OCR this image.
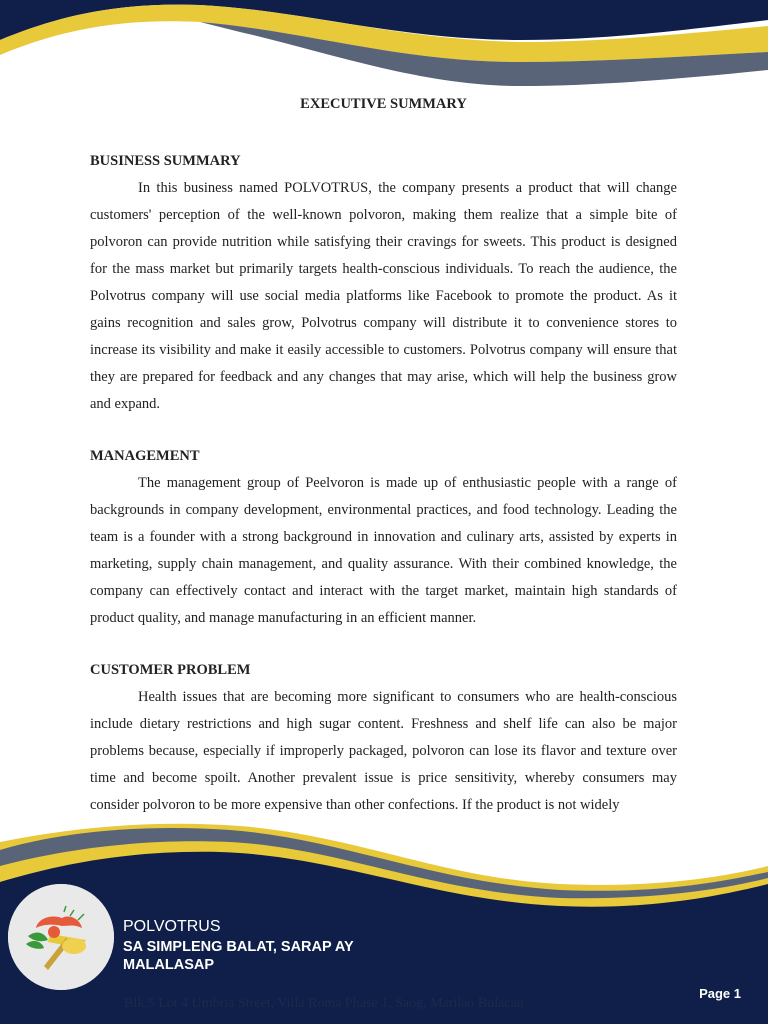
EXECUTIVE SUMMARY

BUSINESS SUMMARY

In this business named POLVOTRUS, the company presents a product that will change customers' perception of the well-known polvoron, making them realize that a simple bite of polvoron can provide nutrition while satisfying their cravings for sweets. This product is designed for the mass market but primarily targets health-conscious individuals. To reach the audience, the Polvotrus company will use social media platforms like Facebook to promote the product. As it gains recognition and sales grow, Polvotrus company will distribute it to convenience stores to increase its visibility and make it easily accessible to customers. Polvotrus company will ensure that they are prepared for feedback and any changes that may arise, which will help the business grow and expand.

MANAGEMENT

The management group of Peelvoron is made up of enthusiastic people with a range of backgrounds in company development, environmental practices, and food technology. Leading the team is a founder with a strong background in innovation and culinary arts, assisted by experts in marketing, supply chain management, and quality assurance. With their combined knowledge, the company can effectively contact and interact with the target market, maintain high standards of product quality, and manage manufacturing in an efficient manner.

CUSTOMER PROBLEM

Health issues that are becoming more significant to consumers who are health-conscious include dietary restrictions and high sugar content. Freshness and shelf life can also be major problems because, especially if improperly packaged, polvoron can lose its flavor and texture over time and become spoilt. Another prevalent issue is price sensitivity, whereby consumers may consider polvoron to be more expensive than other confections. If the product is not widely

POLVOTRUS
SA SIMPLENG BALAT, SARAP AY MALALASAP
Blk.5 Lot 4 Umbria Street, Villa Roma Phase 1, Saog, Marilao Bulacan
Page 1
